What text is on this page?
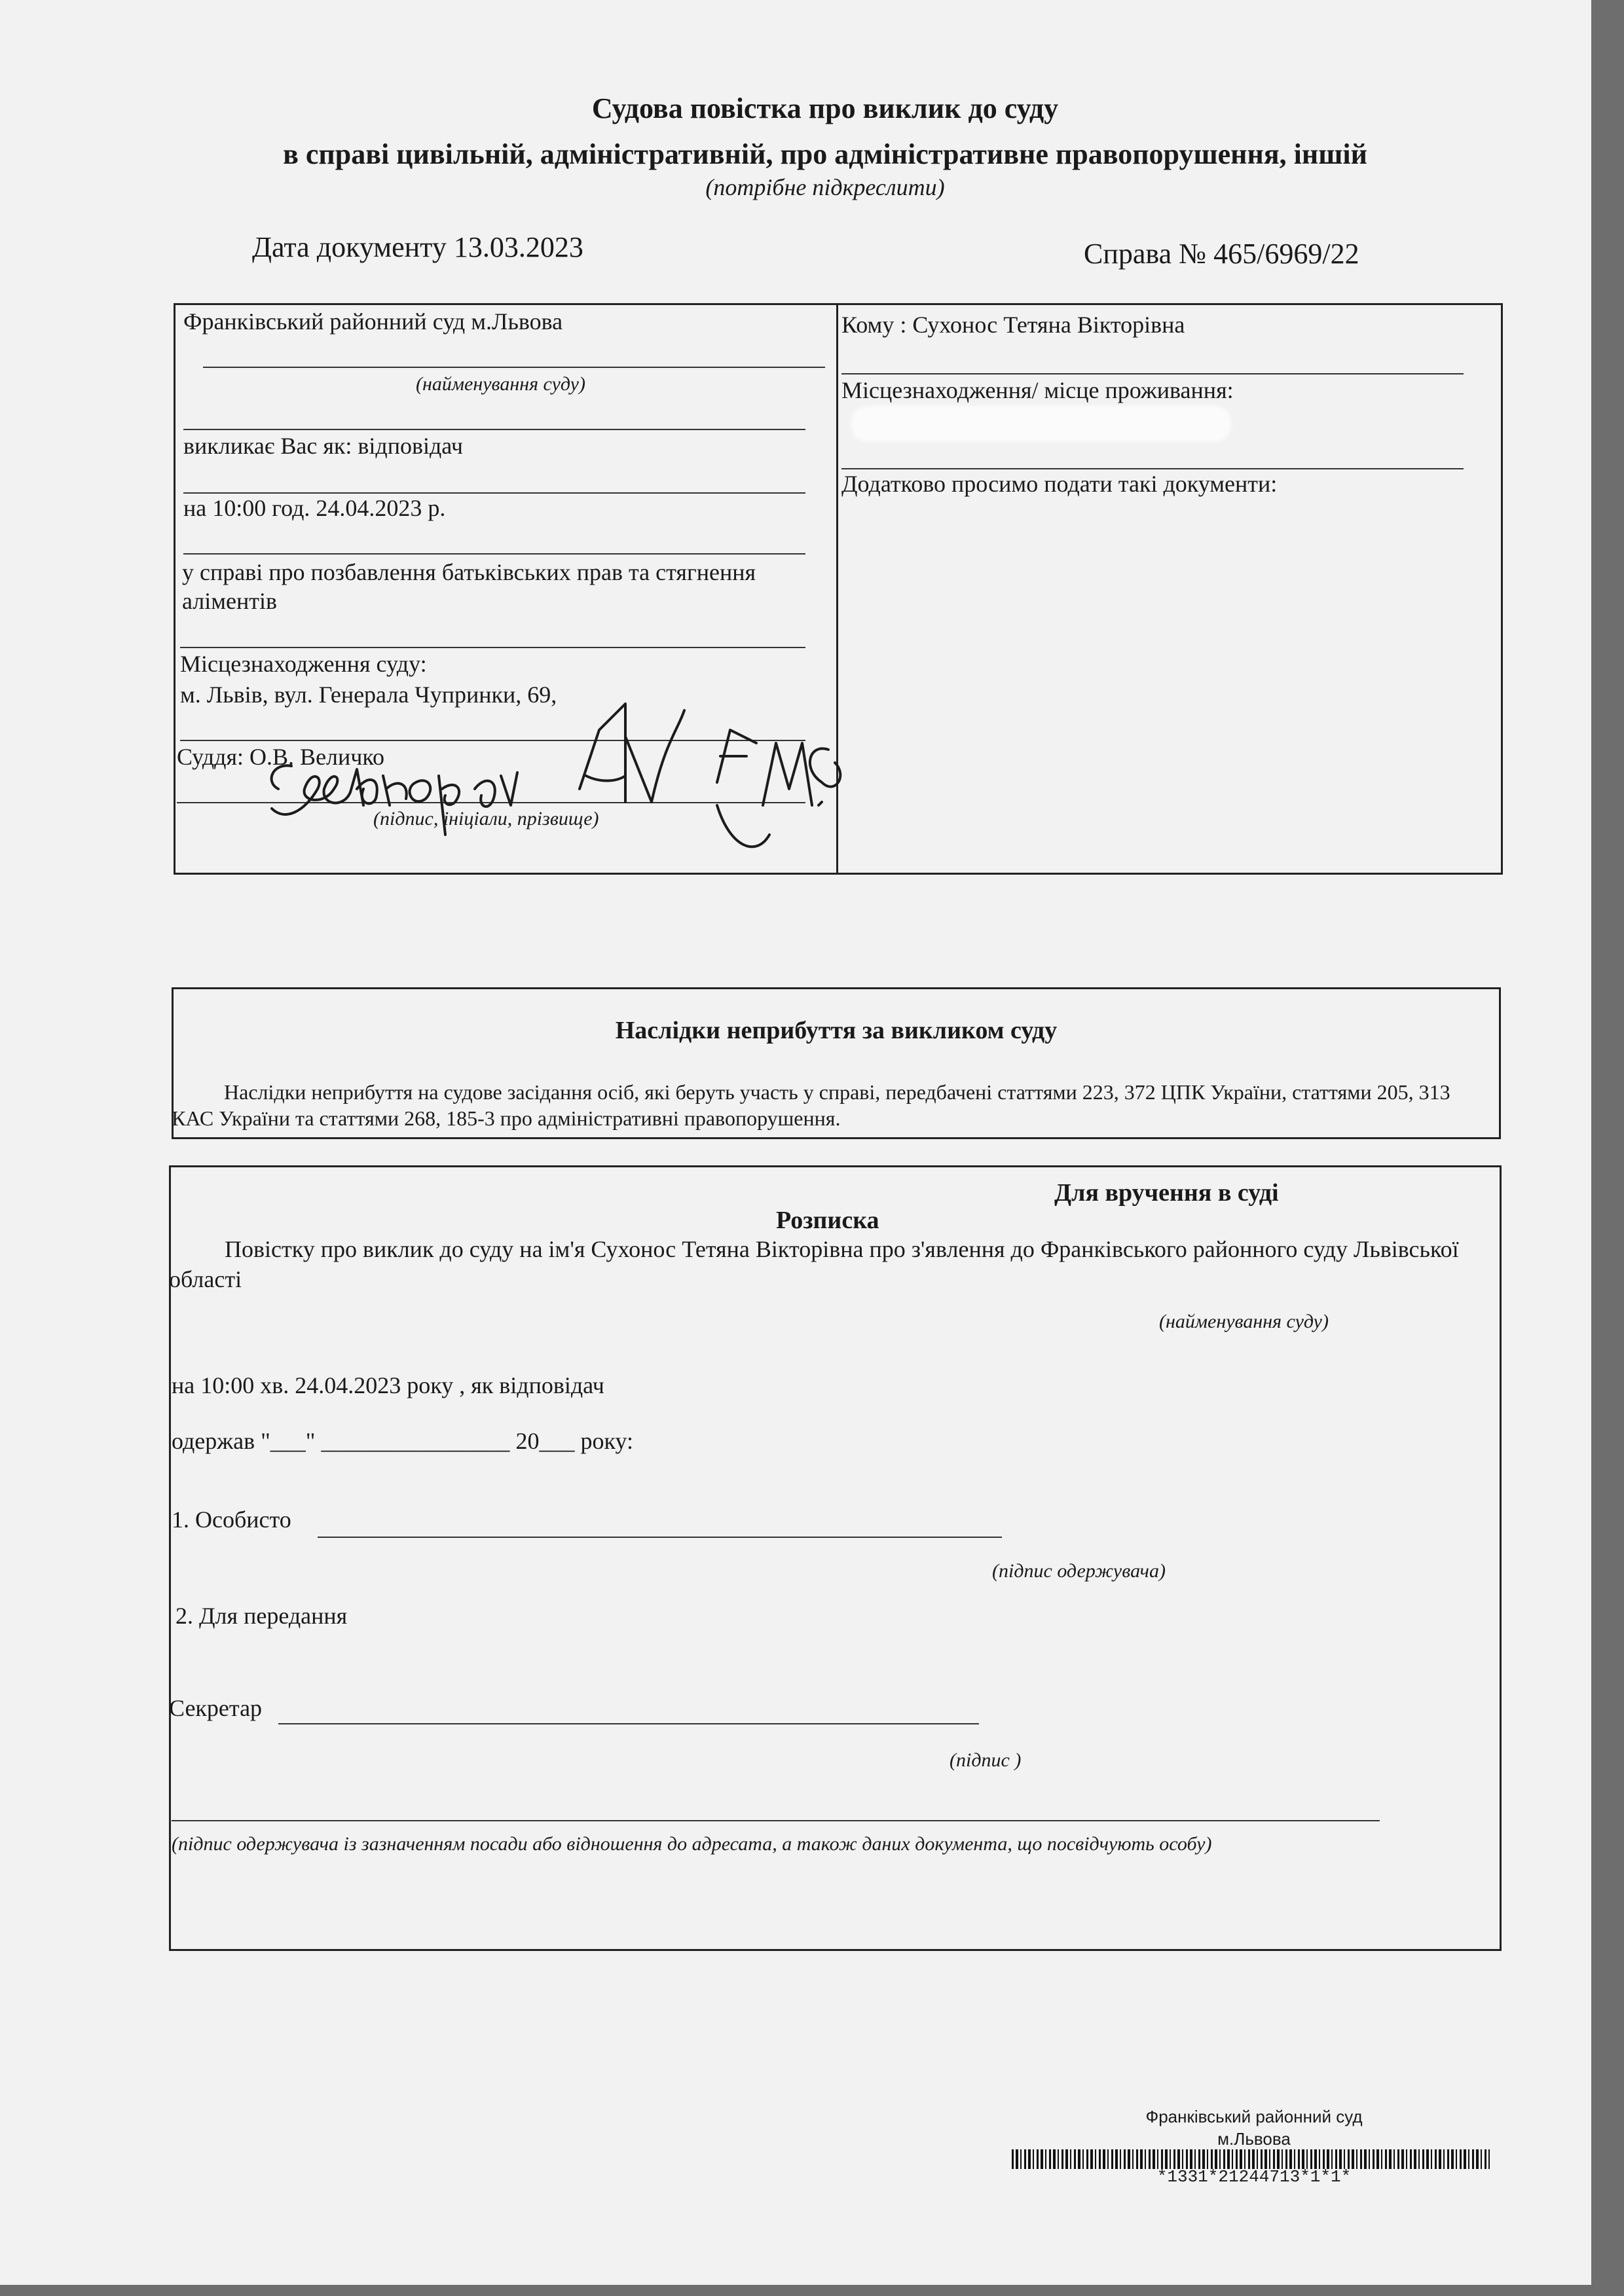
Судова повістка про виклик до суду
в справі цивільній, адміністративній, про адміністративне правопорушення, іншій
(потрібне підкреслити)
Дата документу 13.03.2023	Справа № 465/6969/22
Франківський районний суд м.Львова
(найменування суду)
викликає Вас як: відповідач
на 10:00 год. 24.04.2023 р.
у справі про позбавлення батьківських прав та стягнення аліментів
Місцезнаходження суду:
м. Львів, вул. Генерала Чупринки, 69,
Суддя: О.В. Величко
(підпис, ініціали, прізвище)
Кому : Сухонос Тетяна Вікторівна
Місцезнаходження/ місце проживання:
Додатково просимо подати такі документи:
Наслідки неприбуття за викликом суду
Наслідки неприбуття на судове засідання осіб, які беруть участь у справі, передбачені статтями 223, 372 ЦПК України, статтями 205, 313 КАС України та статтями 268, 185-3 про адміністративні правопорушення.
Для вручення в суді
Розписка
Повістку про виклик до суду на ім'я Сухонос Тетяна Вікторівна про з'явлення до Франківського районного суду Львівської області
(найменування суду)
на 10:00 хв. 24.04.2023 року , як відповідач
одержав "___" ________________ 20___ року:
1. Особисто
(підпис одержувача)
2. Для передання
Секретар
(підпис )
(підпис одержувача із зазначенням посади або відношення до адресата, а також даних документа, що посвідчують особу)
Франківський районний суд
м.Львова
*1331*21244713*1*1*
